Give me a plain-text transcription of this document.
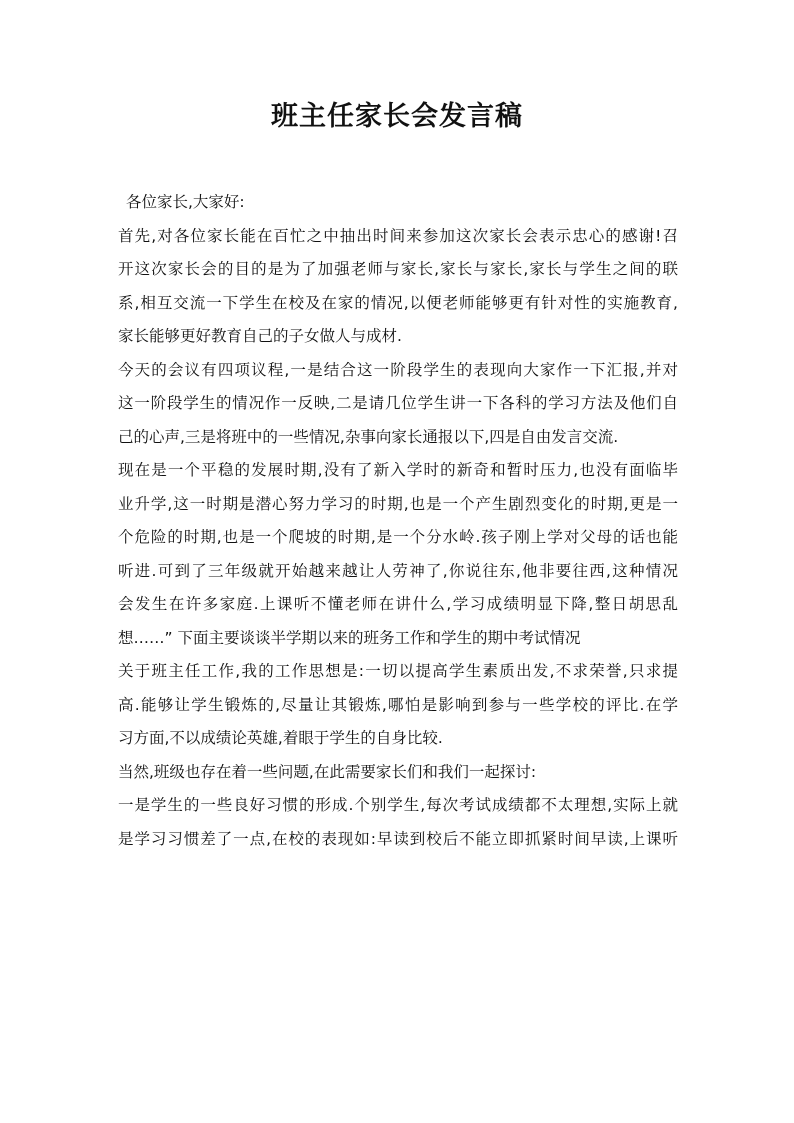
班主任家长会发言稿
各位家长,大家好:
首先,对各位家长能在百忙之中抽出时间来参加这次家长会表示忠心的感谢!召
开这次家长会的目的是为了加强老师与家长,家长与家长,家长与学生之间的联
系,相互交流一下学生在校及在家的情况,以便老师能够更有针对性的实施教育,
家长能够更好教育自己的子女做人与成材.
今天的会议有四项议程,一是结合这一阶段学生的表现向大家作一下汇报,并对
这一阶段学生的情况作一反映,二是请几位学生讲一下各科的学习方法及他们自
己的心声,三是将班中的一些情况,杂事向家长通报以下,四是自由发言交流.
现在是一个平稳的发展时期,没有了新入学时的新奇和暂时压力,也没有面临毕
业升学,这一时期是潜心努力学习的时期,也是一个产生剧烈变化的时期,更是一
个危险的时期,也是一个爬坡的时期,是一个分水岭.孩子刚上学对父母的话也能
听进.可到了三年级就开始越来越让人劳神了,你说往东,他非要往西,这种情况
会发生在许多家庭.上课听不懂老师在讲什么,学习成绩明显下降,整日胡思乱
想……” 下面主要谈谈半学期以来的班务工作和学生的期中考试情况
关于班主任工作,我的工作思想是:一切以提高学生素质出发,不求荣誉,只求提
高.能够让学生锻炼的,尽量让其锻炼,哪怕是影响到参与一些学校的评比.在学
习方面,不以成绩论英雄,着眼于学生的自身比较.
当然,班级也存在着一些问题,在此需要家长们和我们一起探讨:
一是学生的一些良好习惯的形成.个别学生,每次考试成绩都不太理想,实际上就
是学习习惯差了一点,在校的表现如:早读到校后不能立即抓紧时间早读,上课听
